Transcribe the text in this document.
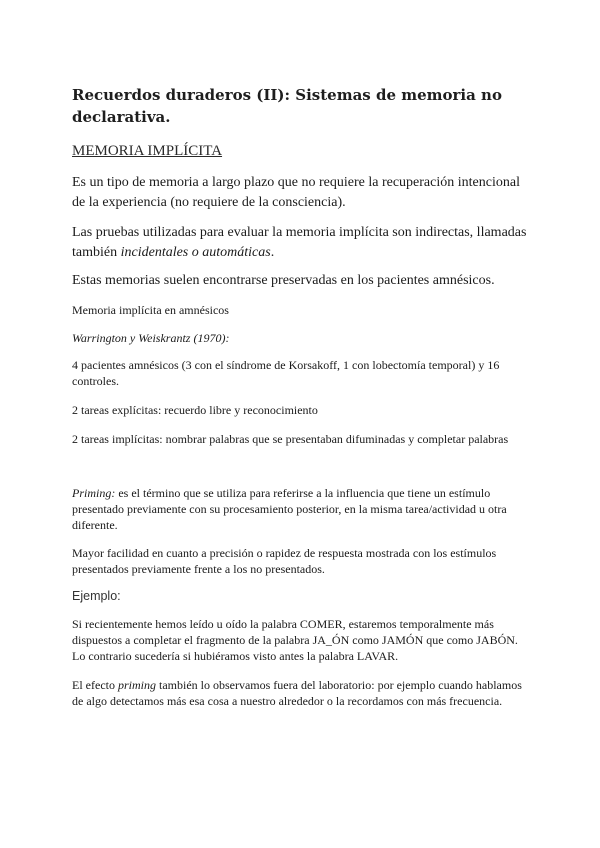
Recuerdos duraderos (II): Sistemas de memoria no declarativa.
MEMORIA IMPLÍCITA

Es un tipo de memoria a largo plazo que no requiere la recuperación intencional de la experiencia (no requiere de la consciencia).

Las pruebas utilizadas para evaluar la memoria implícita son indirectas, llamadas también incidentales o automáticas.

Estas memorias suelen encontrarse preservadas en los pacientes amnésicos.

Memoria implícita en amnésicos

Warrington y Weiskrantz (1970):

4 pacientes amnésicos (3 con el síndrome de Korsakoff, 1 con lobectomía temporal) y 16 controles.

2 tareas explícitas: recuerdo libre y reconocimiento

2 tareas implícitas: nombrar palabras que se presentaban difuminadas y completar palabras

Priming: es el término que se utiliza para referirse a la influencia que tiene un estímulo presentado previamente con su procesamiento posterior, en la misma tarea/actividad u otra diferente.

Mayor facilidad en cuanto a precisión o rapidez de respuesta mostrada con los estímulos presentados previamente frente a los no presentados.

Ejemplo:

Si recientemente hemos leído u oído la palabra COMER, estaremos temporalmente más dispuestos a completar el fragmento de la palabra JA_ÓN como JAMÓN que como JABÓN. Lo contrario sucedería si hubiéramos visto antes la palabra LAVAR.

El efecto priming también lo observamos fuera del laboratorio: por ejemplo cuando hablamos de algo detectamos más esa cosa a nuestro alrededor o la recordamos con más frecuencia.
